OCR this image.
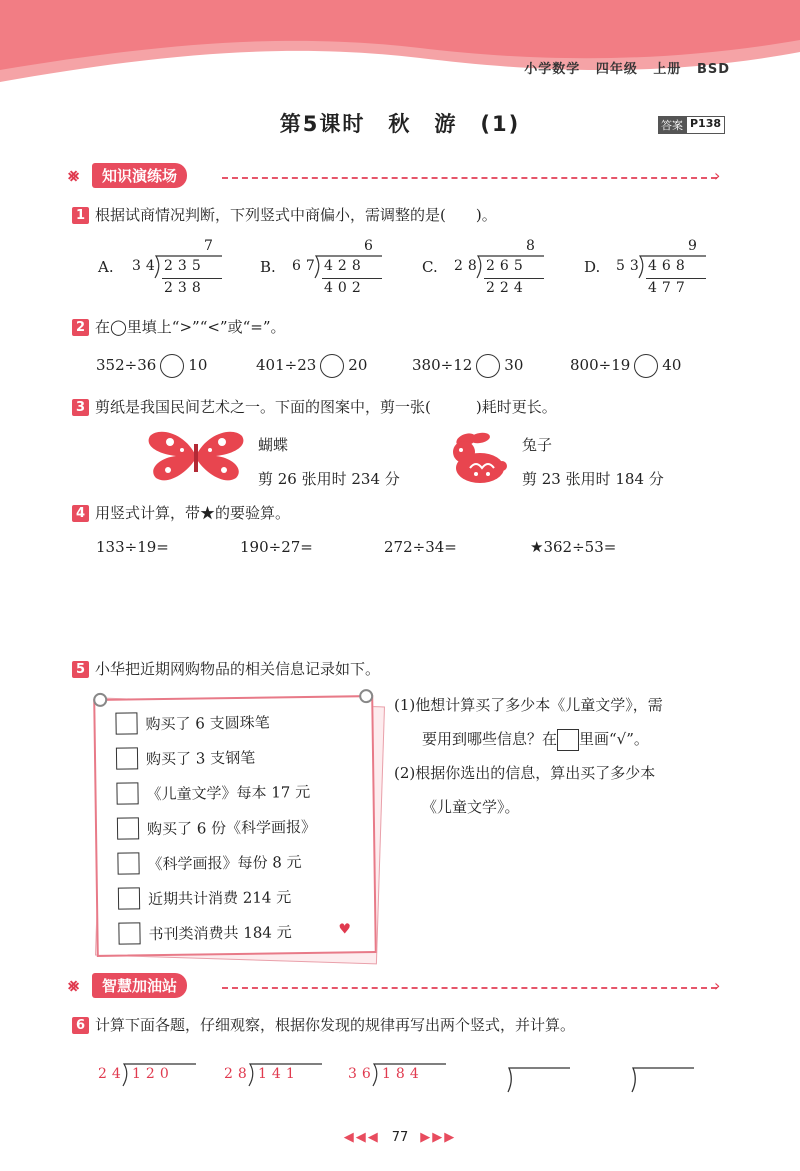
小学数学 四年级 上册 BSD
第5课时　秋　游　(1)	答案 P138
⨳	知识演练场	›
1 根据试商情况判断，下列竖式中商偏小，需调整的是(　　)。
A.
7
34 235
238
B.
6
67 428
402
C.
8
28 265
224
D.
9
53 468
477
2 在◯里填上“>”“<”或“=”。
352÷36 10	401÷23 20	380÷12 30	800÷19 40
3 剪纸是我国民间艺术之一。下面的图案中，剪一张(　　　)耗时更长。
蝴蝶
剪 26 张用时 234 分
兔子
剪 23 张用时 184 分
4 用竖式计算，带★的要验算。
133÷19=	190÷27=	272÷34=	★362÷53=
5 小华把近期网购物品的相关信息记录如下。
购买了 6 支圆珠笔
购买了 3 支钢笔
《儿童文学》每本 17 元
购买了 6 份《科学画报》
《科学画报》每份 8 元
近期共计消费 214 元
书刊类消费共 184 元	♥
(1)他想计算买了多少本《儿童文学》，需
要用到哪些信息？在 里画“√”。
(2)根据你选出的信息，算出买了多少本
《儿童文学》。
⨳	智慧加油站	›
6 计算下面各题，仔细观察，根据你发现的规律再写出两个竖式，并计算。
24 120	28 141	36 184
◀◀◀ 77 ▶▶▶
